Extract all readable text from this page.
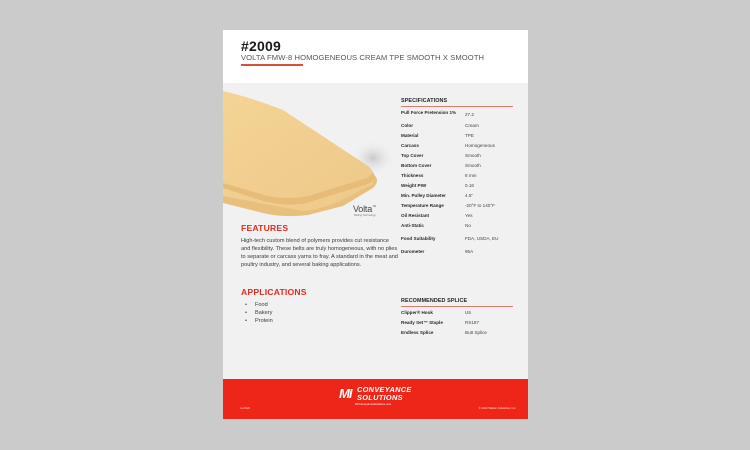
#2009
VOLTA FMW-8 HOMOGENEOUS CREAM TPE SMOOTH X SMOOTH
Volta™
Belting Technology
FEATURES
High-tech custom blend of polymers provides cut resistance and flexibility. These belts are truly homogeneous, with no plies to separate or carcass yarns to fray. A standard in the meat and poultry industry, and several baking applications.
APPLICATIONS
• Food
• Bakery
• Protein
SPECIFICATIONS
Pull Force Pretension 1%	27.2
Color	Cream
Material	TPE
Carcass	Homogeneous
Top Cover	Smooth
Bottom Cover	Smooth
Thickness	8 mm
Weight PIW	0.16
Min. Pulley Diameter	4.5"
Temperature Range	-20°F to 140°F
Oil Resistant	Yes
Anti-Static	No
Food Suitability	FDA, USDA, EU
Durometer	95A
RECOMMENDED SPLICE
Clipper® Hook	U5
Ready Set™ Staple	RS187
Endless Splice	Butt Splice
MI CONVEYANCE
SOLUTIONS
MIConveyanceSolutions.com
rev0322	© 2022 Walton Industries, Inc.
